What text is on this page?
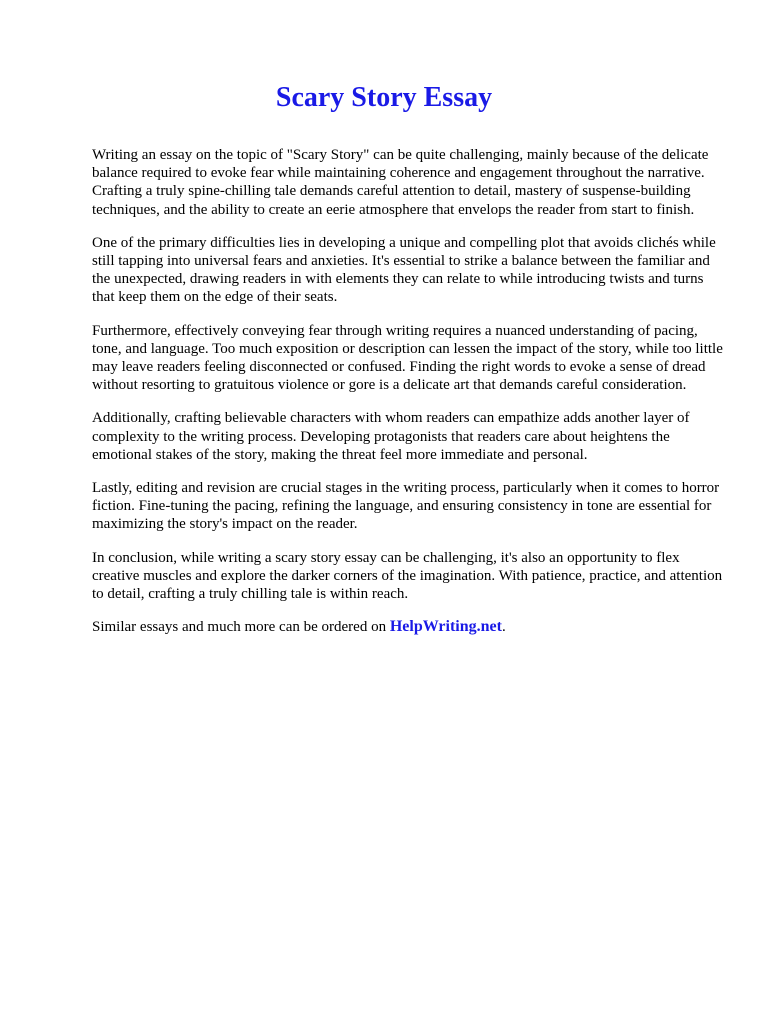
Scary Story Essay

Writing an essay on the topic of "Scary Story" can be quite challenging, mainly because of the delicate balance required to evoke fear while maintaining coherence and engagement throughout the narrative. Crafting a truly spine-chilling tale demands careful attention to detail, mastery of suspense-building techniques, and the ability to create an eerie atmosphere that envelops the reader from start to finish.

One of the primary difficulties lies in developing a unique and compelling plot that avoids clichés while still tapping into universal fears and anxieties. It's essential to strike a balance between the familiar and the unexpected, drawing readers in with elements they can relate to while introducing twists and turns that keep them on the edge of their seats.

Furthermore, effectively conveying fear through writing requires a nuanced understanding of pacing, tone, and language. Too much exposition or description can lessen the impact of the story, while too little may leave readers feeling disconnected or confused. Finding the right words to evoke a sense of dread without resorting to gratuitous violence or gore is a delicate art that demands careful consideration.

Additionally, crafting believable characters with whom readers can empathize adds another layer of complexity to the writing process. Developing protagonists that readers care about heightens the emotional stakes of the story, making the threat feel more immediate and personal.

Lastly, editing and revision are crucial stages in the writing process, particularly when it comes to horror fiction. Fine-tuning the pacing, refining the language, and ensuring consistency in tone are essential for maximizing the story's impact on the reader.

In conclusion, while writing a scary story essay can be challenging, it's also an opportunity to flex creative muscles and explore the darker corners of the imagination. With patience, practice, and attention to detail, crafting a truly chilling tale is within reach.

Similar essays and much more can be ordered on HelpWriting.net.
